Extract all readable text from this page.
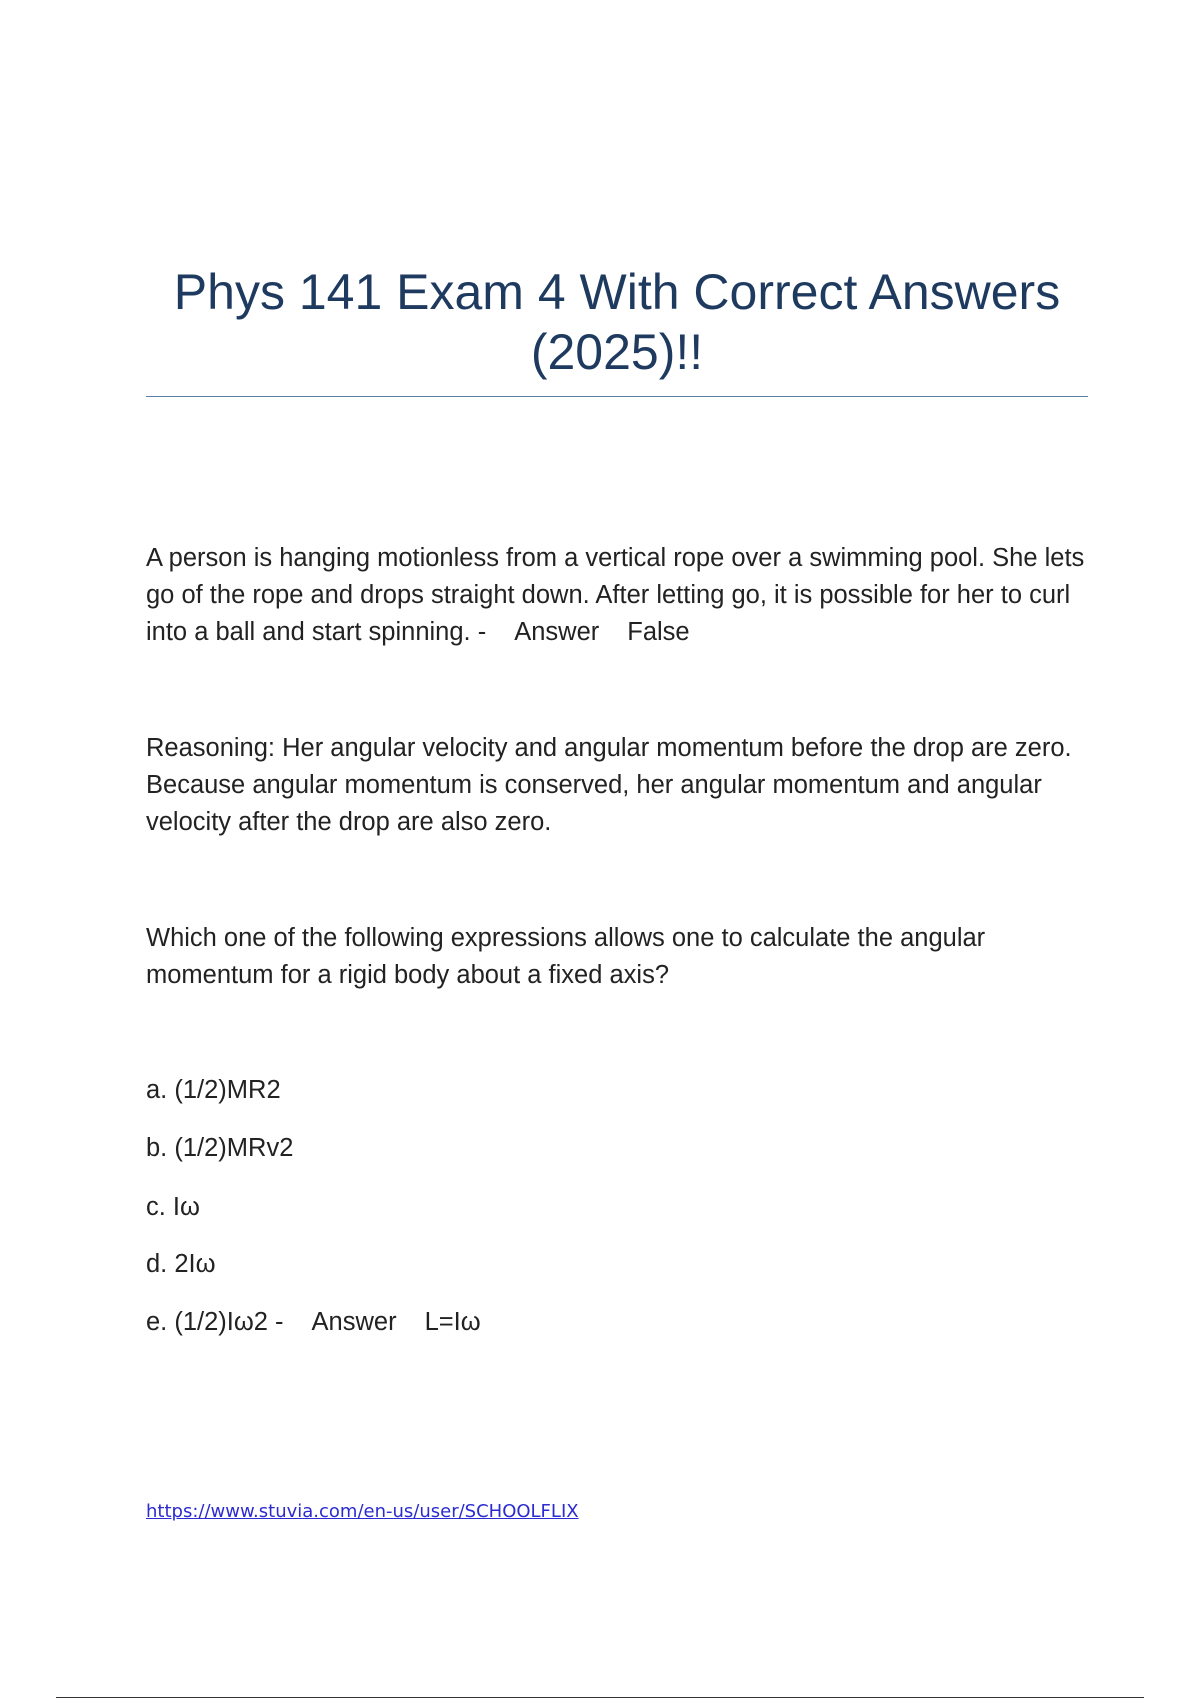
Phys 141 Exam 4 With Correct Answers (2025)!!

A person is hanging motionless from a vertical rope over a swimming pool. She lets go of the rope and drops straight down. After letting go, it is possible for her to curl into a ball and start spinning. - Answer False

Reasoning: Her angular velocity and angular momentum before the drop are zero. Because angular momentum is conserved, her angular momentum and angular velocity after the drop are also zero.

Which one of the following expressions allows one to calculate the angular momentum for a rigid body about a fixed axis?

a. (1/2)MR2

b. (1/2)MRv2

c. Iω

d. 2Iω

e. (1/2)Iω2 - Answer L=Iω

https://www.stuvia.com/en-us/user/SCHOOLFLIX
